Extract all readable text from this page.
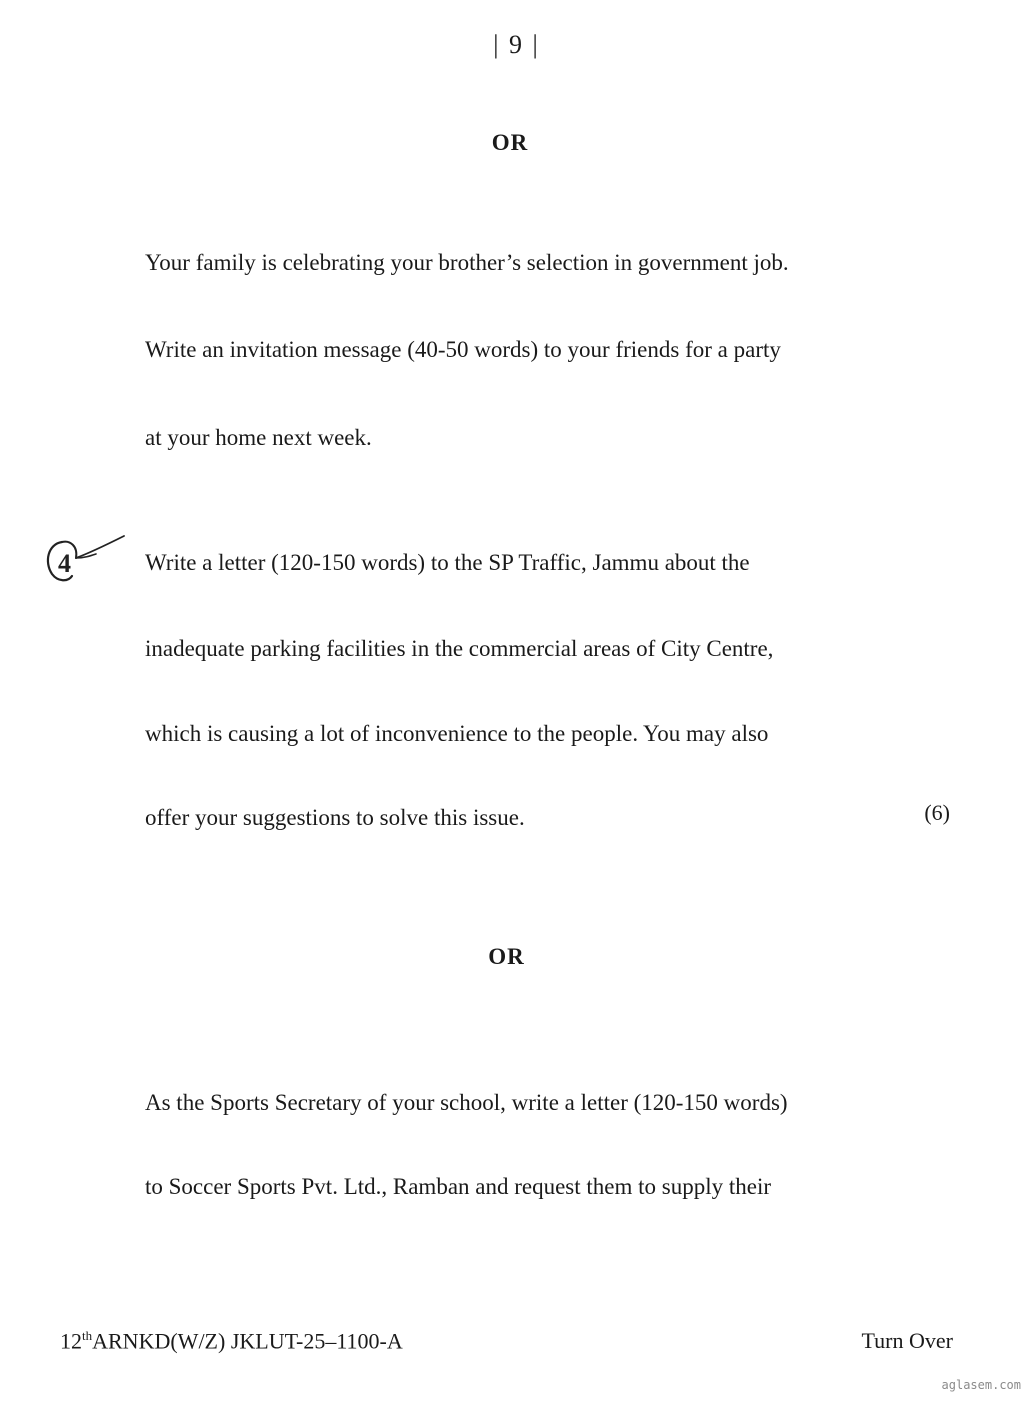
| 9 |
OR
Your family is celebrating your brother’s selection in government job.
Write an invitation message (40-50 words) to your friends for a party
at your home next week.
4	Write a letter (120-150 words) to the SP Traffic, Jammu about the
inadequate parking facilities in the commercial areas of City Centre,
which is causing a lot of inconvenience to the people. You may also
offer your suggestions to solve this issue.	(6)
OR
As the Sports Secretary of your school, write a letter (120-150 words)
to Soccer Sports Pvt. Ltd., Ramban and request them to supply their
12thARNKD(W/Z) JKLUT-25–1100-A	Turn Over
aglasem.com
